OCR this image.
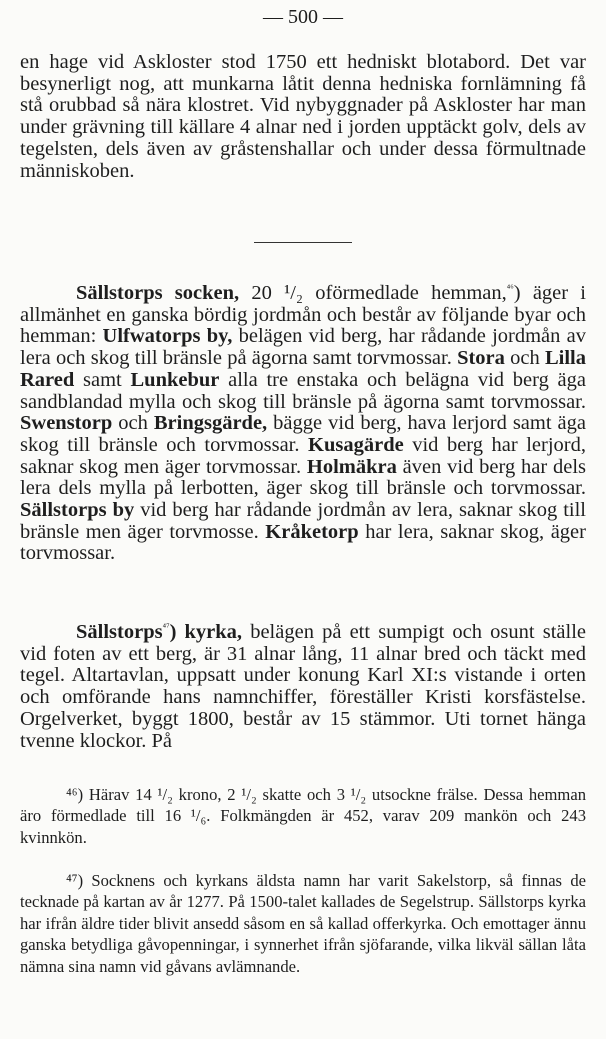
— 500 —

en hage vid Askloster stod 1750 ett hedniskt blotabord. Det var besynerligt nog, att munkarna låtit denna hedniska fornlämning få stå orubbad så nära klostret. Vid nybyggnader på Askloster har man under grävning till källare 4 alnar ned i jorden upptäckt golv, dels av tegelsten, dels även av gråstenshallar och under dessa förmultnade människoben.

Sällstorps socken, 20 ¹/₂ oförmedlade hemman,$^{^{46}}$) äger i allmänhet en ganska bördig jordmån och består av följande byar och hemman: Ulfwatorps by, belägen vid berg, har rådande jordmån av lera och skog till bränsle på ägorna samt torvmossar. Stora och Lilla Rared samt Lunkebur alla tre enstaka och belägna vid berg äga sandblandad mylla och skog till bränsle på ägorna samt torvmossar. Swenstorp och Bringsgärde, bägge vid berg, hava lerjord samt äga skog till bränsle och torvmossar. Kusagärde vid berg har lerjord, saknar skog men äger torvmossar. Holmäkra även vid berg har dels lera dels mylla på lerbotten, äger skog till bränsle och torvmossar. Sällstorps by vid berg har rådande jordmån av lera, saknar skog till bränsle men äger torvmosse. Kråketorp har lera, saknar skog, äger torvmossar.

Sällstorps$^{^{47}}$) kyrka, belägen på ett sumpigt och osunt ställe vid foten av ett berg, är 31 alnar lång, 11 alnar bred och täckt med tegel. Altartavlan, uppsatt under konung Karl XI:s vistande i orten och omförande hans namnchiffer, föreställer Kristi korsfästelse. Orgelverket, byggt 1800, består av 15 stämmor. Uti tornet hänga tvenne klockor. På

⁴⁶) Härav 14 ¹/₂ krono, 2 ¹/₂ skatte och 3 ¹/₂ utsockne frälse. Dessa hemman äro förmedlade till 16 ¹/₆. Folkmängden är 452, varav 209 mankön och 243 kvinnkön.

⁴⁷) Socknens och kyrkans äldsta namn har varit Sakelstorp, så finnas de tecknade på kartan av år 1277. På 1500-talet kallades de Segelstrup. Sällstorps kyrka har ifrån äldre tider blivit ansedd såsom en så kallad offerkyrka. Och emottager ännu ganska betydliga gåvopenningar, i synnerhet ifrån sjöfarande, vilka likväl sällan låta nämna sina namn vid gåvans avlämnande.
